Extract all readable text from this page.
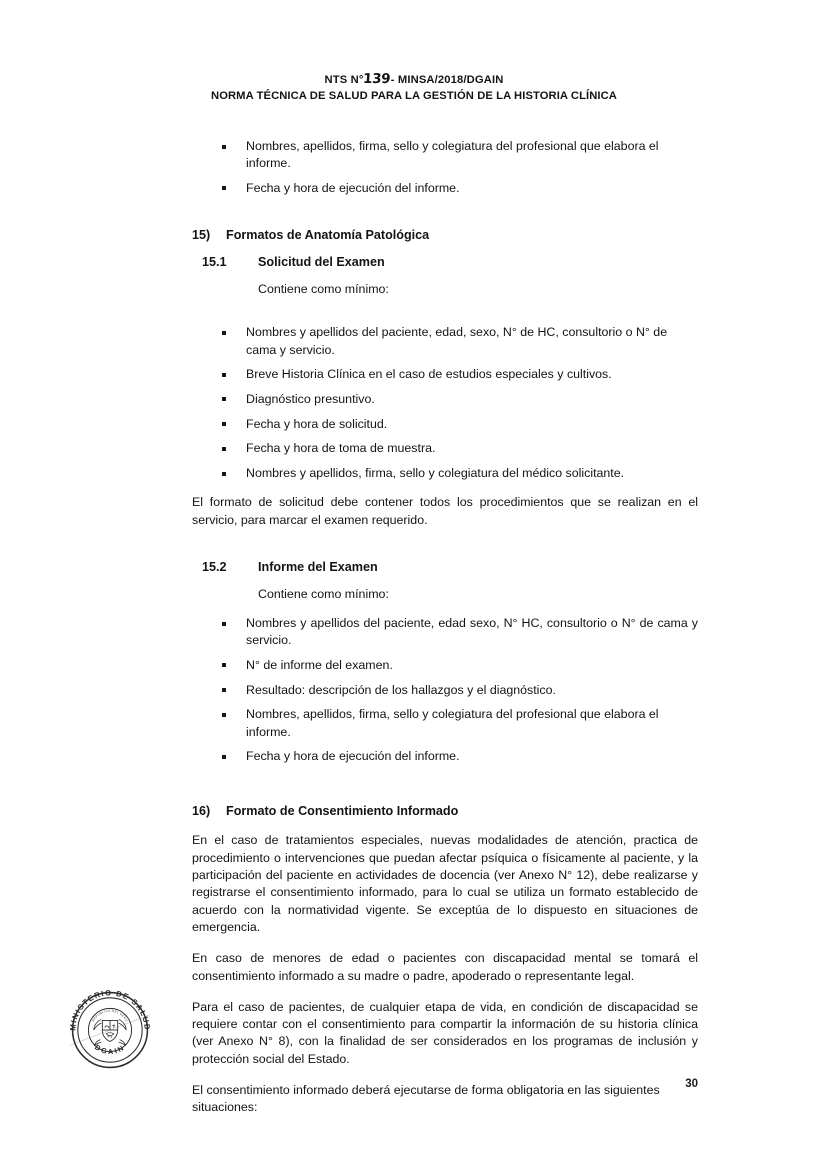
NTS N°139- MINSA/2018/DGAIN
NORMA TÉCNICA DE SALUD PARA LA GESTIÓN DE LA HISTORIA CLÍNICA
Nombres, apellidos, firma, sello y colegiatura del profesional que elabora el informe.
Fecha y hora de ejecución del informe.
15) Formatos de Anatomía Patológica
15.1 Solicitud del Examen
Contiene como mínimo:
Nombres y apellidos del paciente, edad, sexo, N° de HC, consultorio o N° de cama y servicio.
Breve Historia Clínica en el caso de estudios especiales y cultivos.
Diagnóstico presuntivo.
Fecha y hora de solicitud.
Fecha y hora de toma de muestra.
Nombres y apellidos, firma, sello y colegiatura del médico solicitante.

El formato de solicitud debe contener todos los procedimientos que se realizan en el servicio, para marcar el examen requerido.

15.2 Informe del Examen
Contiene como mínimo:
Nombres y apellidos del paciente, edad sexo, N° HC, consultorio o N° de cama y servicio.
N° de informe del examen.
Resultado: descripción de los hallazgos y el diagnóstico.
Nombres, apellidos, firma, sello y colegiatura del profesional que elabora el informe.
Fecha y hora de ejecución del informe.
16) Formato de Consentimiento Informado

En el caso de tratamientos especiales, nuevas modalidades de atención, practica de procedimiento o intervenciones que puedan afectar psíquica o físicamente al paciente, y la participación del paciente en actividades de docencia (ver Anexo N° 12), debe realizarse y registrarse el consentimiento informado, para lo cual se utiliza un formato establecido de acuerdo con la normatividad vigente. Se exceptúa de lo dispuesto en situaciones de emergencia.

En caso de menores de edad o pacientes con discapacidad mental se tomará el consentimiento informado a su madre o padre, apoderado o representante legal.

Para el caso de pacientes, de cualquier etapa de vida, en condición de discapacidad se requiere contar con el consentimiento para compartir la información de su historia clínica (ver Anexo N° 8), con la finalidad de ser considerados en los programas de inclusión y protección social del Estado.

El consentimiento informado deberá ejecutarse de forma obligatoria en las siguientes situaciones:

MINISTERIO DE SALUD
DGAIN
REPUBLICA DEL PERU
30
